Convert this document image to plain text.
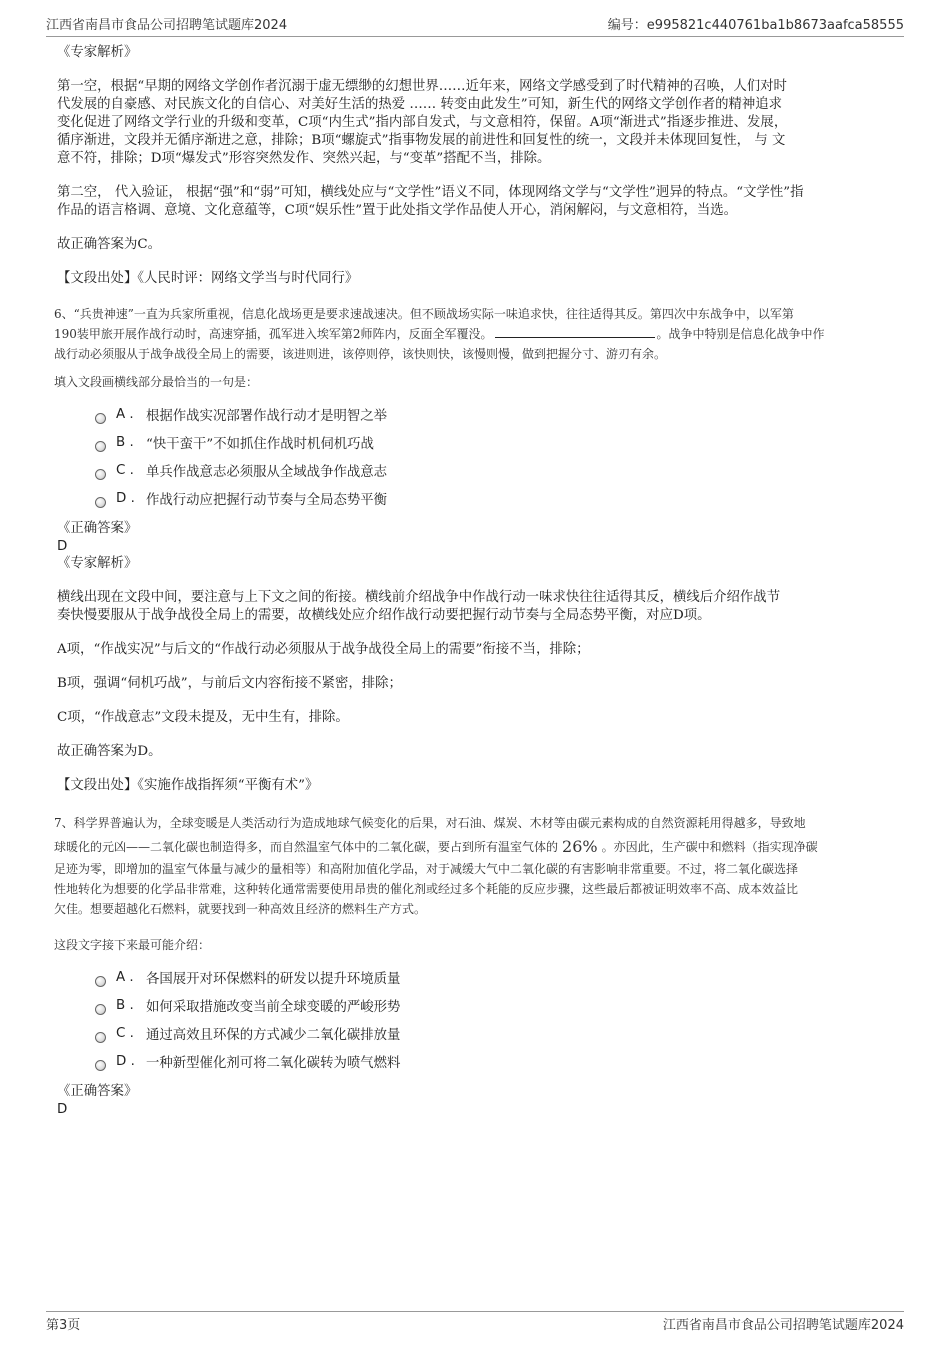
江西省南昌市食品公司招聘笔试题库2024	编号：e995821c440761ba1b8673aafca58555

《专家解析》

第一空，根据“早期的网络文学创作者沉溺于虚无缥缈的幻想世界……近年来，网络文学感受到了时代精神的召唤，人们对时

代发展的自豪感、对民族文化的自信心、对美好生活的热爱 …… 转变由此发生”可知，新生代的网络文学创作者的精神追求

变化促进了网络文学行业的升级和变革，C项“内生式”指内部自发式，与文意相符，保留。A项“渐进式”指逐步推进、发展，

循序渐进，文段并无循序渐进之意，排除；B项“螺旋式”指事物发展的前进性和回复性的统一，文段并未体现回复性， 与 文

意不符，排除；D项“爆发式”形容突然发作、突然兴起，与“变革”搭配不当，排除。

第二空， 代入验证， 根据“强”和“弱”可知，横线处应与“文学性”语义不同，体现网络文学与“文学性”迥异的特点。“文学性”指

作品的语言格调、意境、文化意蕴等，C项“娱乐性”置于此处指文学作品使人开心，消闲解闷，与文意相符，当选。

故正确答案为C。

【文段出处】《人民时评：网络文学当与时代同行》

6、“兵贵神速”一直为兵家所重视，信息化战场更是要求速战速决。但不顾战场实际一味追求快，往往适得其反。第四次中东战争中，以军第

190装甲旅开展作战行动时，高速穿插，孤军进入埃军第2师阵内，反面全军覆没。	。战争中特别是信息化战争中作

战行动必须服从于战争战役全局上的需要，该进则进，该停则停，该快则快，该慢则慢，做到把握分寸、游刃有余。

填入文段画横线部分最恰当的一句是：

A . 根据作战实况部署作战行动才是明智之举
B . “快干蛮干”不如抓住作战时机伺机巧战
C . 单兵作战意志必须服从全域战争作战意志
D . 作战行动应把握行动节奏与全局态势平衡

《正确答案》

D

《专家解析》

横线出现在文段中间，要注意与上下文之间的衔接。横线前介绍战争中作战行动一味求快往往适得其反，横线后介绍作战节

奏快慢要服从于战争战役全局上的需要，故横线处应介绍作战行动要把握行动节奏与全局态势平衡，对应D项。

A项，“作战实况”与后文的“作战行动必须服从于战争战役全局上的需要”衔接不当，排除；

B项，强调“伺机巧战”，与前后文内容衔接不紧密，排除；

C项，“作战意志”文段未提及，无中生有，排除。

故正确答案为D。

【文段出处】《实施作战指挥须“平衡有术”》

7、科学界普遍认为，全球变暖是人类活动行为造成地球气候变化的后果，对石油、煤炭、木材等由碳元素构成的自然资源耗用得越多，导致地

球暖化的元凶——二氧化碳也制造得多，而自然温室气体中的二氧化碳，要占到所有温室气体的 26% 。亦因此，生产碳中和燃料（指实现净碳

足迹为零，即增加的温室气体量与减少的量相等）和高附加值化学品，对于减缓大气中二氧化碳的有害影响非常重要。不过，将二氧化碳选择

性地转化为想要的化学品非常难，这种转化通常需要使用昂贵的催化剂或经过多个耗能的反应步骤，这些最后都被证明效率不高、成本效益比

欠佳。想要超越化石燃料，就要找到一种高效且经济的燃料生产方式。

这段文字接下来最可能介绍：

A . 各国展开对环保燃料的研发以提升环境质量
B . 如何采取措施改变当前全球变暖的严峻形势
C . 通过高效且环保的方式减少二氧化碳排放量
D . 一种新型催化剂可将二氧化碳转为喷气燃料

《正确答案》

D

第3页	江西省南昌市食品公司招聘笔试题库2024
